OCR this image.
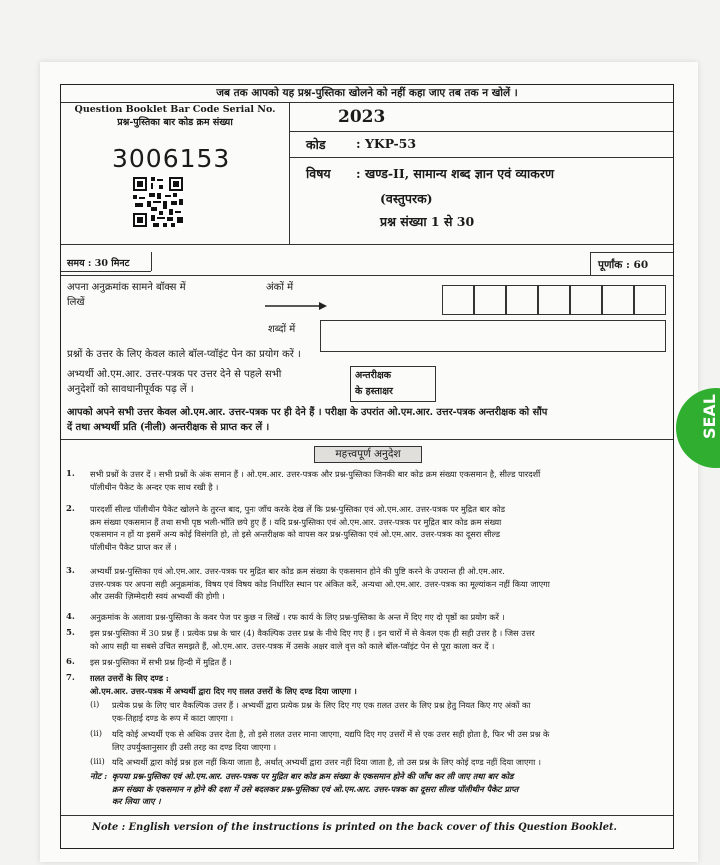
जब तक आपको यह प्रश्न-पुस्तिका खोलने को नहीं कहा जाए तब तक न खोलें ।
Question Booklet Bar Code Serial No.
प्रश्न-पुस्तिका बार कोड क्रम संख्या
3006153
2023
कोड : YKP-53
विषय : खण्ड-II, सामान्य शब्द ज्ञान एवं व्याकरण
(वस्तुपरक)
प्रश्न संख्या 1 से 30
समय : 30 मिनट	पूर्णांक : 60
अपना अनुक्रमांक सामने बॉक्स में
लिखें
अंकों में
शब्दों में
प्रश्नों के उत्तर के लिए केवल काले बॉल-प्वॉइंट पेन का प्रयोग करें ।
अभ्यर्थी ओ.एम.आर. उत्तर-पत्रक पर उत्तर देने से पहले सभी
अनुदेशों को सावधानीपूर्वक पढ़ लें ।
अन्तरीक्षक
के हस्ताक्षर
आपको अपने सभी उत्तर केवल ओ.एम.आर. उत्तर-पत्रक पर ही देने हैं । परीक्षा के उपरांत ओ.एम.आर. उत्तर-पत्रक अन्तरीक्षक को सौंप
दें तथा अभ्यर्थी प्रति (नीली) अन्तरीक्षक से प्राप्त कर लें ।
महत्त्वपूर्ण अनुदेश
1. सभी प्रश्नों के उत्तर दें । सभी प्रश्नों के अंक समान हैं । ओ.एम.आर. उत्तर-पत्रक और प्रश्न-पुस्तिका जिनकी बार कोड क्रम संख्या एकसमान है, सील्ड पारदर्शी
पॉलीथीन पैकेट के अन्दर एक साथ रखी है ।
2. पारदर्शी सील्ड पॉलीथीन पैकेट खोलने के तुरन्त बाद, पुनः जाँच करके देख लें कि प्रश्न-पुस्तिका एवं ओ.एम.आर. उत्तर-पत्रक पर मुद्रित बार कोड
क्रम संख्या एकसमान हैं तथा सभी पृष्ठ भली-भाँति छपे हुए हैं । यदि प्रश्न-पुस्तिका एवं ओ.एम.आर. उत्तर-पत्रक पर मुद्रित बार कोड क्रम संख्या
एकसमान न हों या इसमें अन्य कोई विसंगति हो, तो इसे अन्तरीक्षक को वापस कर प्रश्न-पुस्तिका एवं ओ.एम.आर. उत्तर-पत्रक का दूसरा सील्ड
पॉलीथीन पैकेट प्राप्त कर लें ।
3. अभ्यर्थी प्रश्न-पुस्तिका एवं ओ.एम.आर. उत्तर-पत्रक पर मुद्रित बार कोड क्रम संख्या के एकसमान होने की पुष्टि करने के उपरान्त ही ओ.एम.आर.
उत्तर-पत्रक पर अपना सही अनुक्रमांक, विषय एवं विषय कोड निर्धारित स्थान पर अंकित करें, अन्यथा ओ.एम.आर. उत्तर-पत्रक का मूल्यांकन नहीं किया जाएगा
और उसकी ज़िम्मेदारी स्वयं अभ्यर्थी की होगी ।
4. अनुक्रमांक के अलावा प्रश्न-पुस्तिका के कवर पेज पर कुछ न लिखें । रफ कार्य के लिए प्रश्न-पुस्तिका के अन्त में दिए गए दो पृष्ठों का प्रयोग करें ।
5. इस प्रश्न-पुस्तिका में 30 प्रश्न हैं । प्रत्येक प्रश्न के चार (4) वैकल्पिक उत्तर प्रश्न के नीचे दिए गए हैं । इन चारों में से केवल एक ही सही उत्तर है । जिस उत्तर
को आप सही या सबसे उचित समझते हैं, ओ.एम.आर. उत्तर-पत्रक में उसके अक्षर वाले वृत्त को काले बॉल-प्वॉइंट पेन से पूरा काला कर दें ।
6. इस प्रश्न-पुस्तिका में सभी प्रश्न हिन्दी में मुद्रित हैं ।
7. ग़लत उत्तरों के लिए दण्ड :
ओ.एम.आर. उत्तर-पत्रक में अभ्यर्थी द्वारा दिए गए ग़लत उत्तरों के लिए दण्ड दिया जाएगा ।
(i) प्रत्येक प्रश्न के लिए चार वैकल्पिक उत्तर हैं । अभ्यर्थी द्वारा प्रत्येक प्रश्न के लिए दिए गए एक ग़लत उत्तर के लिए प्रश्न हेतु नियत किए गए अंकों का
एक-तिहाई दण्ड के रूप में काटा जाएगा ।
(ii) यदि कोई अभ्यर्थी एक से अधिक उत्तर देता है, तो इसे ग़लत उत्तर माना जाएगा, यद्यपि दिए गए उत्तरों में से एक उत्तर सही होता है, फिर भी उस प्रश्न के
लिए उपर्युक्तानुसार ही उसी तरह का दण्ड दिया जाएगा ।
(iii) यदि अभ्यर्थी द्वारा कोई प्रश्न हल नहीं किया जाता है, अर्थात् अभ्यर्थी द्वारा उत्तर नहीं दिया जाता है, तो उस प्रश्न के लिए कोई दण्ड नहीं दिया जाएगा ।
नोट : कृपया प्रश्न-पुस्तिका एवं ओ.एम.आर. उत्तर-पत्रक पर मुद्रित बार कोड क्रम संख्या के एकसमान होने की जाँच कर ली जाए तथा बार कोड
क्रम संख्या के एकसमान न होने की दशा में उसे बदलकर प्रश्न-पुस्तिका एवं ओ.एम.आर. उत्तर-पत्रक का दूसरा सील्ड पॉलीथीन पैकेट प्राप्त
कर लिया जाए ।
Note : English version of the instructions is printed on the back cover of this Question Booklet.
SEAL
